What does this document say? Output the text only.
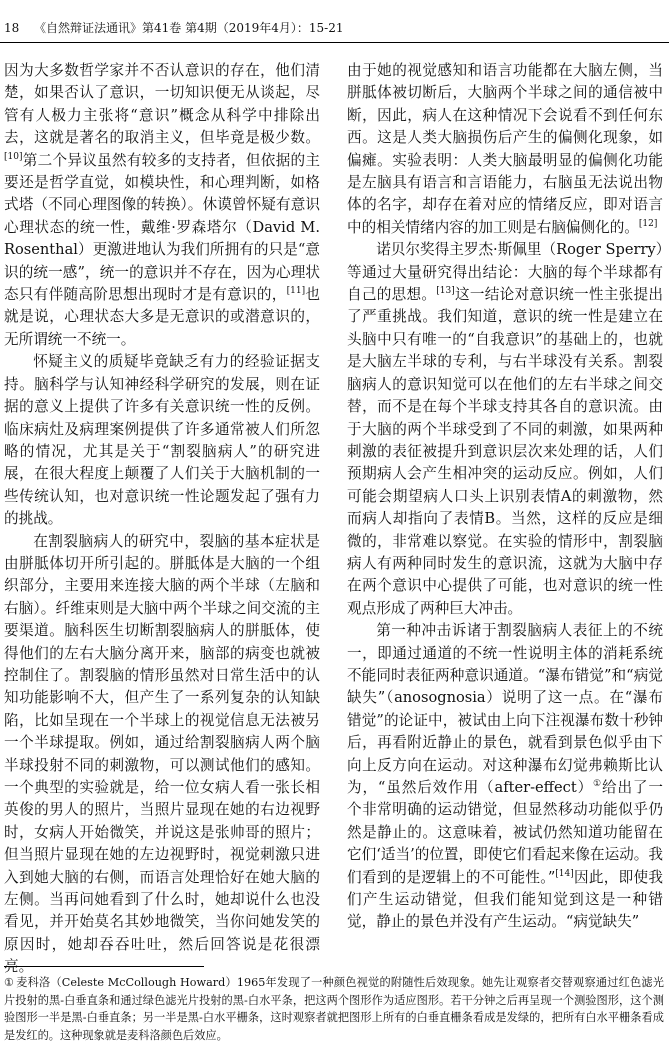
18 《自然辩证法通讯》第41卷 第4期（2019年4月）：15-21

因为大多数哲学家并不否认意识的存在，他们清楚，如果否认了意识，一切知识便无从谈起，尽管有人极力主张将“意识”概念从科学中排除出去，这就是著名的取消主义，但毕竟是极少数。[10]第二个异议虽然有较多的支持者，但依据的主要还是哲学直觉，如模块性，和心理判断，如格式塔（不同心理图像的转换）。休谟曾怀疑有意识心理状态的统一性，戴维·罗森塔尔（David M. Rosenthal）更激进地认为我们所拥有的只是“意识的统一感”，统一的意识并不存在，因为心理状态只有伴随高阶思想出现时才是有意识的，[11]也就是说，心理状态大多是无意识的或潜意识的，无所谓统一不统一。

怀疑主义的质疑毕竟缺乏有力的经验证据支持。脑科学与认知神经科学研究的发展，则在证据的意义上提供了许多有关意识统一性的反例。临床病灶及病理案例提供了许多通常被人们所忽略的情况，尤其是关于“割裂脑病人”的研究进展，在很大程度上颠覆了人们关于大脑机制的一些传统认知，也对意识统一性论题发起了强有力的挑战。

在割裂脑病人的研究中，裂脑的基本症状是由胼胝体切开所引起的。胼胝体是大脑的一个组织部分，主要用来连接大脑的两个半球（左脑和右脑）。纤维束则是大脑中两个半球之间交流的主要渠道。脑科医生切断割裂脑病人的胼胝体，使得他们的左右大脑分离开来，脑部的病变也就被控制住了。割裂脑的情形虽然对日常生活中的认知功能影响不大，但产生了一系列复杂的认知缺陷，比如呈现在一个半球上的视觉信息无法被另一个半球提取。例如，通过给割裂脑病人两个脑半球投射不同的刺激物，可以测试他们的感知。一个典型的实验就是，给一位女病人看一张长相英俊的男人的照片，当照片显现在她的右边视野时，女病人开始微笑，并说这是张帅哥的照片；但当照片显现在她的左边视野时，视觉刺激只进入到她大脑的右侧，而语言处理恰好在她大脑的左侧。当再问她看到了什么时，她却说什么也没看见，并开始莫名其妙地微笑，当你问她发笑的原因时，她却吞吞吐吐，然后回答说是花很漂亮。

由于她的视觉感知和语言功能都在大脑左侧，当胼胝体被切断后，大脑两个半球之间的通信被中断，因此，病人在这种情况下会说看不到任何东西。这是人类大脑损伤后产生的偏侧化现象，如偏瘫。实验表明：人类大脑最明显的偏侧化功能是左脑具有语言和言语能力，右脑虽无法说出物体的名字，却存在着对应的情绪反应，即对语言中的相关情绪内容的加工则是右脑偏侧化的。[12]

诺贝尔奖得主罗杰·斯佩里（Roger Sperry）等通过大量研究得出结论：大脑的每个半球都有自己的思想。[13]这一结论对意识统一性主张提出了严重挑战。我们知道，意识的统一性是建立在头脑中只有唯一的“自我意识”的基础上的，也就是大脑左半球的专利，与右半球没有关系。割裂脑病人的意识知觉可以在他们的左右半球之间交替，而不是在每个半球支持其各自的意识流。由于大脑的两个半球受到了不同的刺激，如果两种刺激的表征被提升到意识层次来处理的话，人们预期病人会产生相冲突的运动反应。例如，人们可能会期望病人口头上识别表情A的刺激物，然而病人却指向了表情B。当然，这样的反应是细微的，非常难以察觉。在实验的情形中，割裂脑病人有两种同时发生的意识流，这就为大脑中存在两个意识中心提供了可能，也对意识的统一性观点形成了两种巨大冲击。

第一种冲击诉诸于割裂脑病人表征上的不统一，即通过通道的不统一性说明主体的消耗系统不能同时表征两种意识通道。“瀑布错觉”和“病觉缺失”（anosognosia）说明了这一点。在“瀑布错觉”的论证中，被试由上向下注视瀑布数十秒钟后，再看附近静止的景色，就看到景色似乎由下向上反方向在运动。对这种瀑布幻觉弗赖斯比认为，“虽然后效作用（after-effect）①给出了一个非常明确的运动错觉，但显然移动功能似乎仍然是静止的。这意味着，被试仍然知道功能留在它们‘适当’的位置，即使它们看起来像在运动。我们看到的是逻辑上的不可能性。”[14]因此，即使我们产生运动错觉，但我们能知觉到这是一种错觉，静止的景色并没有产生运动。“病觉缺失”

① 麦科洛（Celeste McCollough Howard）1965年发现了一种颜色视觉的附随性后效现象。她先让观察者交替观察通过红色滤光片投射的黑-白垂直条和通过绿色滤光片投射的黑-白水平条，把这两个图形作为适应图形。若干分钟之后再呈现一个测验图形，这个测验图形一半是黑-白垂直条；另一半是黑-白水平栅条，这时观察者就把图形上所有的白垂直栅条看成是发绿的，把所有白水平栅条看成是发红的。这种现象就是麦科洛颜色后效应。
